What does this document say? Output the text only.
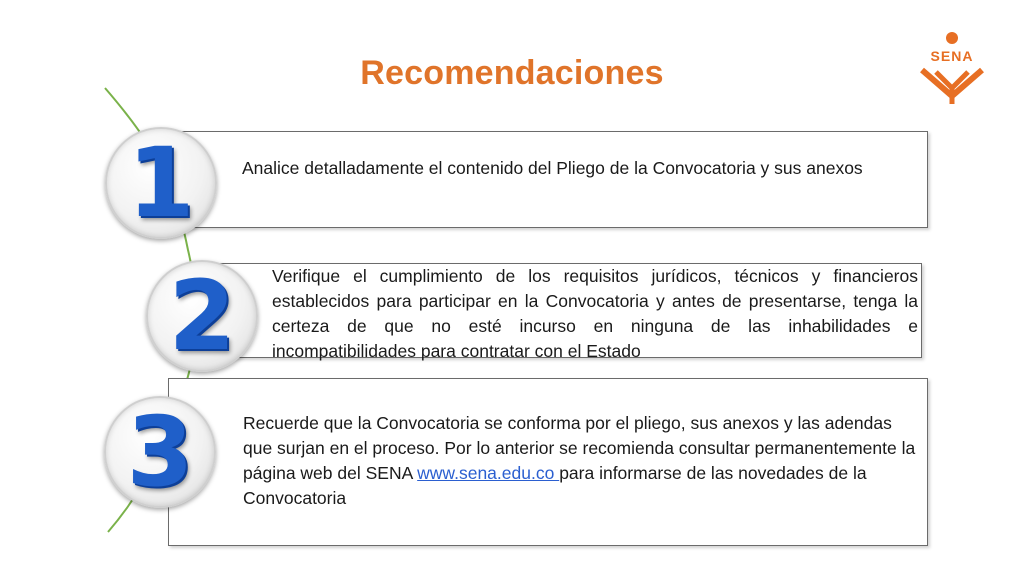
Recomendaciones	SENA
Analice detalladamente el contenido del Pliego de la Convocatoria y sus anexos
1
Verifique el cumplimiento de los requisitos jurídicos, técnicos y financieros establecidos para participar en la Convocatoria y antes de presentarse, tenga la certeza de que no esté incurso en ninguna de las inhabilidades e incompatibilidades para contratar con el Estado
2
Recuerde que la Convocatoria se conforma por el pliego, sus anexos y las adendas que surjan en el proceso. Por lo anterior se recomienda consultar permanentemente la página web del SENA www.sena.edu.co para informarse de las novedades de la Convocatoria
3
